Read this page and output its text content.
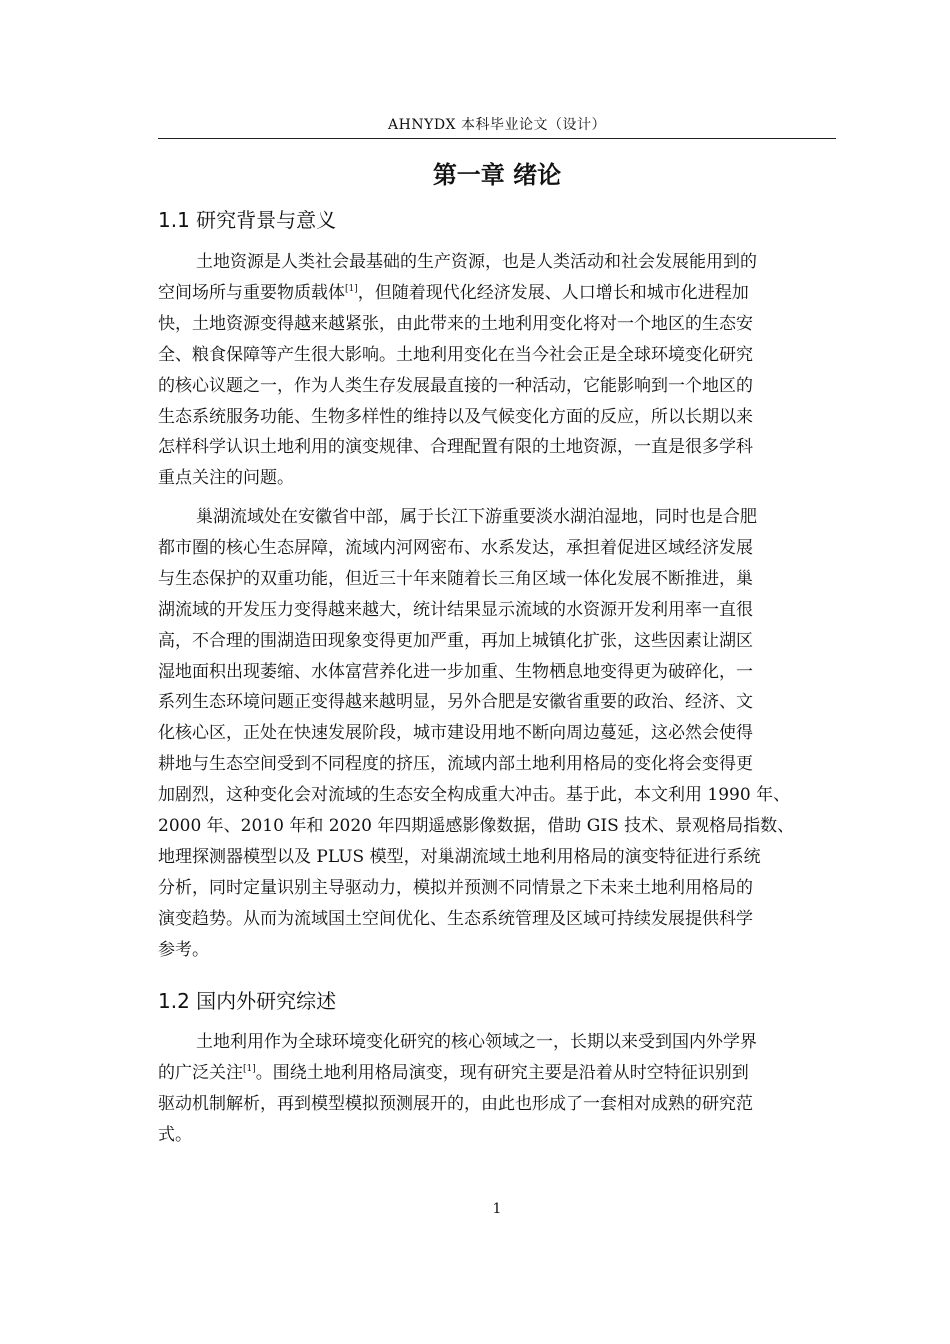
AHNYDX 本科毕业论文（设计）
第一章 绪论
1.1 研究背景与意义

土地资源是人类社会最基础的生产资源，也是人类活动和社会发展能用到的
空间场所与重要物质载体[1]，但随着现代化经济发展、人口增长和城市化进程加
快，土地资源变得越来越紧张，由此带来的土地利用变化将对一个地区的生态安
全、粮食保障等产生很大影响。土地利用变化在当今社会正是全球环境变化研究
的核心议题之一，作为人类生存发展最直接的一种活动，它能影响到一个地区的
生态系统服务功能、生物多样性的维持以及气候变化方面的反应，所以长期以来
怎样科学认识土地利用的演变规律、合理配置有限的土地资源，一直是很多学科
重点关注的问题。

巢湖流域处在安徽省中部，属于长江下游重要淡水湖泊湿地，同时也是合肥
都市圈的核心生态屏障，流域内河网密布、水系发达，承担着促进区域经济发展
与生态保护的双重功能，但近三十年来随着长三角区域一体化发展不断推进，巢
湖流域的开发压力变得越来越大，统计结果显示流域的水资源开发利用率一直很
高，不合理的围湖造田现象变得更加严重，再加上城镇化扩张，这些因素让湖区
湿地面积出现萎缩、水体富营养化进一步加重、生物栖息地变得更为破碎化，一
系列生态环境问题正变得越来越明显，另外合肥是安徽省重要的政治、经济、文
化核心区，正处在快速发展阶段，城市建设用地不断向周边蔓延，这必然会使得
耕地与生态空间受到不同程度的挤压，流域内部土地利用格局的变化将会变得更
加剧烈，这种变化会对流域的生态安全构成重大冲击。基于此，本文利用 1990 年、
2000 年、2010 年和 2020 年四期遥感影像数据，借助 GIS 技术、景观格局指数、
地理探测器模型以及 PLUS 模型，对巢湖流域土地利用格局的演变特征进行系统
分析，同时定量识别主导驱动力，模拟并预测不同情景之下未来土地利用格局的
演变趋势。从而为流域国土空间优化、生态系统管理及区域可持续发展提供科学
参考。

1.2 国内外研究综述

土地利用作为全球环境变化研究的核心领域之一，长期以来受到国内外学界
的广泛关注[1]。围绕土地利用格局演变，现有研究主要是沿着从时空特征识别到
驱动机制解析，再到模型模拟预测展开的，由此也形成了一套相对成熟的研究范
式。

1
